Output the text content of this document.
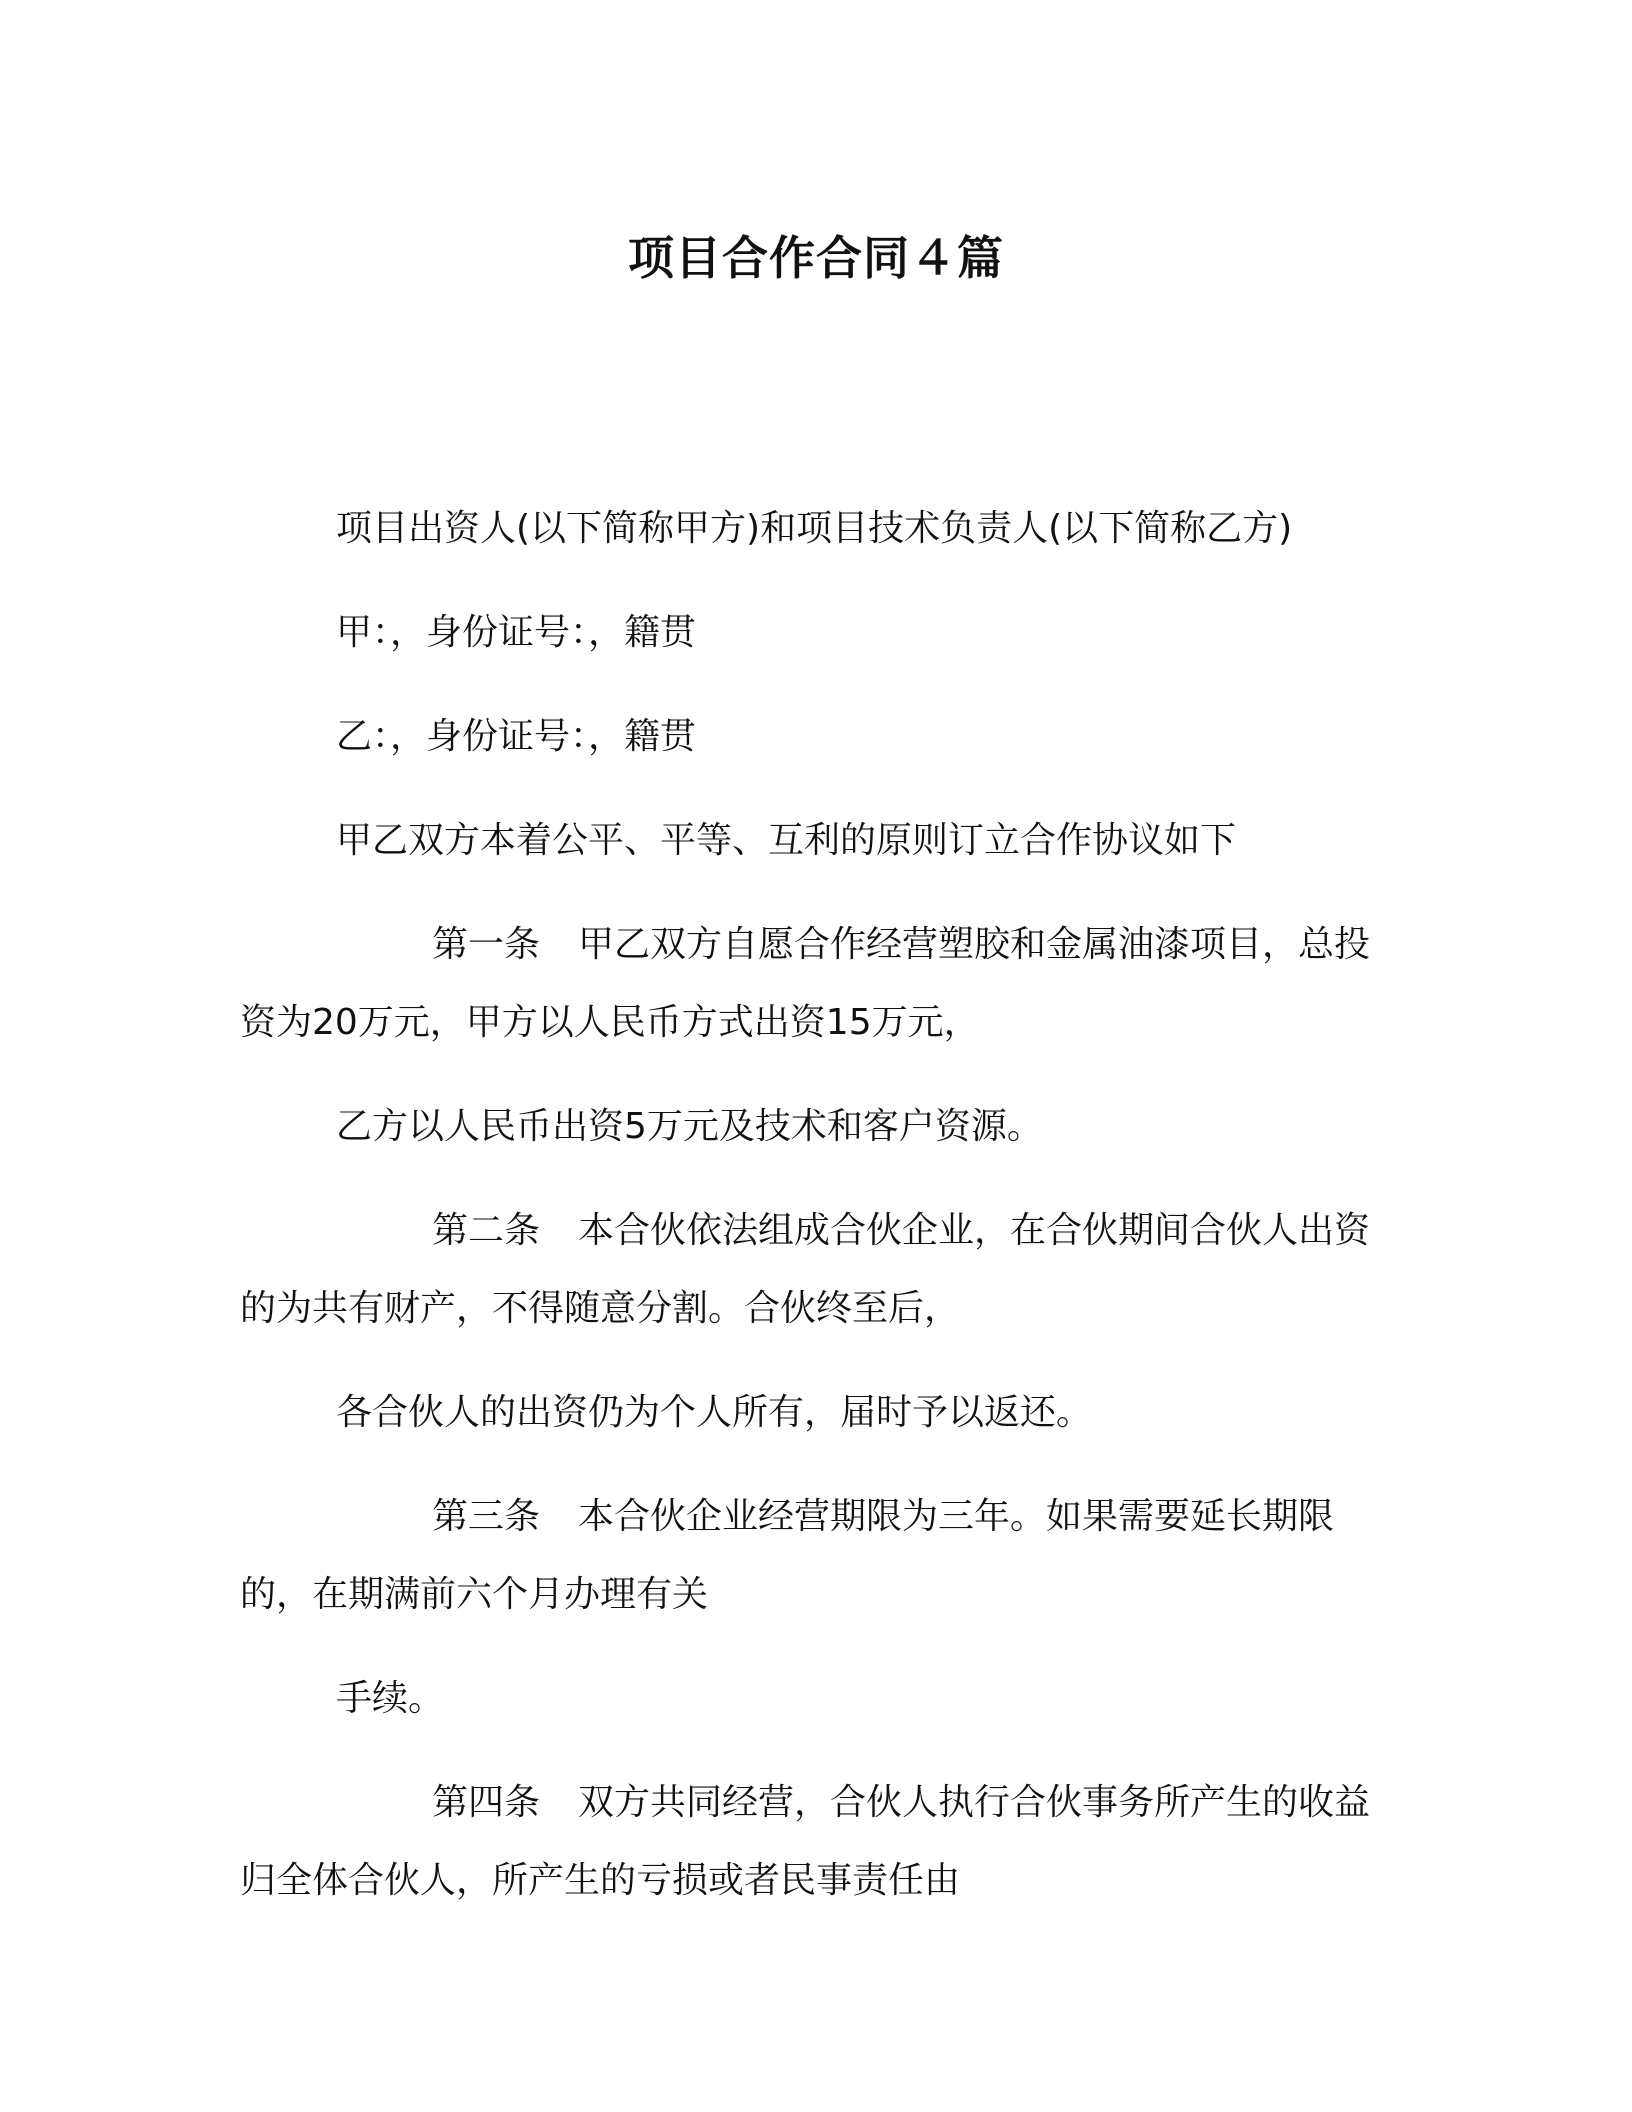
项目合作合同４篇

项目出资人(以下简称甲方)和项目技术负责人(以下简称乙方)

甲：，身份证号：，籍贯

乙：，身份证号：，籍贯

甲乙双方本着公平、平等、互利的原则订立合作协议如下

第一条 甲乙双方自愿合作经营塑胶和金属油漆项目，总投资为20万元，甲方以人民币方式出资15万元，

乙方以人民币出资5万元及技术和客户资源。

第二条 本合伙依法组成合伙企业，在合伙期间合伙人出资的为共有财产，不得随意分割。合伙终至后，

各合伙人的出资仍为个人所有，届时予以返还。

第三条 本合伙企业经营期限为三年。如果需要延长期限的，在期满前六个月办理有关

手续。

第四条 双方共同经营，合伙人执行合伙事务所产生的收益归全体合伙人，所产生的亏损或者民事责任由
